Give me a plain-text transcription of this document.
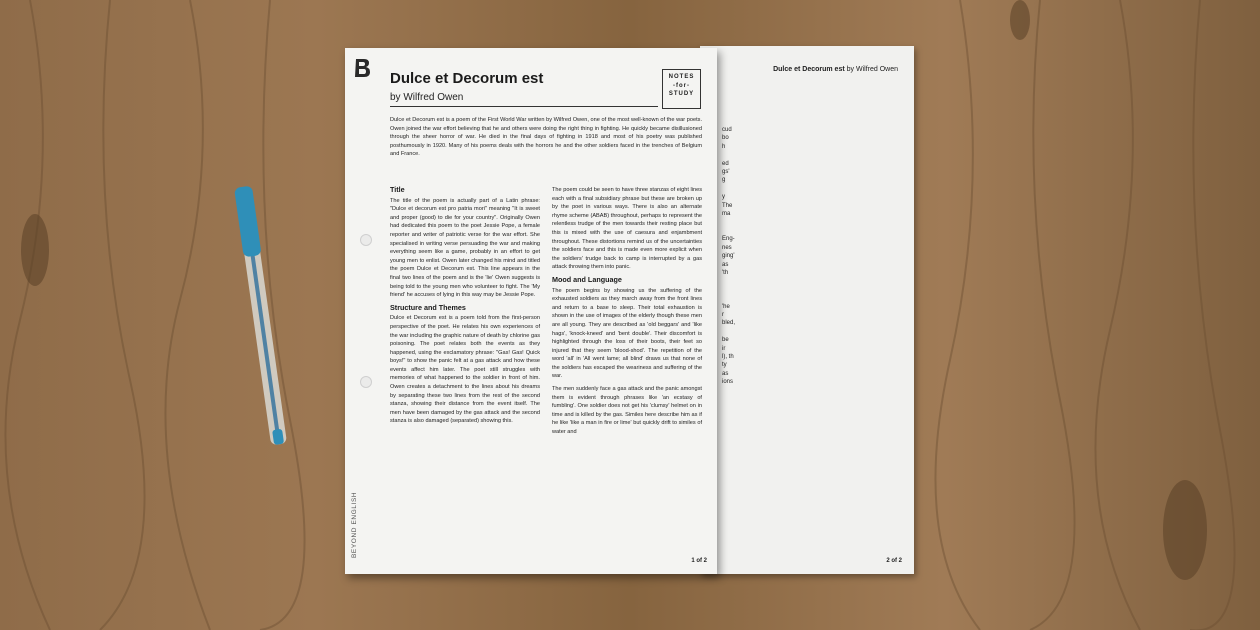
Dulce et Decorum est by Wilfred Owen
cud
bo
h

ed
gs'
g

y
The
ma

Eng-
nes
ging'
as
'th

'he
r
bled,

be
ir
l), th
ty
as
ions

2 of 2
BEYOND ENGLISH
Dulce et Decorum est
by Wilfred Owen
NOTES
-for-
STUDY
Dulce et Decorum est is a poem of the First World War written by Wilfred Owen, one of the most well-known of the war poets. Owen joined the war effort believing that he and others were doing the right thing in fighting. He quickly became disillusioned through the sheer horror of war. He died in the final days of fighting in 1918 and most of his poetry was published posthumously in 1920. Many of his poems deals with the horrors he and the other soldiers faced in the trenches of Belgium and France.
Title

The title of the poem is actually part of a Latin phrase: "Dulce et decorum est pro patria mori" meaning "It is sweet and proper (good) to die for your country". Originally Owen had dedicated this poem to the poet Jessie Pope, a female reporter and writer of patriotic verse for the war effort. She specialised in writing verse persuading the war and making everything seem like a game, probably in an effort to get young men to enlist. Owen later changed his mind and titled the poem Dulce et Decorum est. This line appears in the final two lines of the poem and is the 'lie' Owen suggests is being told to the young men who volunteer to fight. The 'My friend' he accuses of lying in this way may be Jessie Pope.

Structure and Themes

Dulce et Decorum est is a poem told from the first-person perspective of the poet. He relates his own experiences of the war including the graphic nature of death by chlorine gas poisoning. The poet relates both the events as they happened, using the exclamatory phrase: "Gas! Gas! Quick boys!" to show the panic felt at a gas attack and how these events affect him later. The poet still struggles with memories of what happened to the soldier in front of him. Owen creates a detachment to the lines about his dreams by separating these two lines from the rest of the second stanza, showing their distance from the event itself. The men have been damaged by the gas attack and the second stanza is also damaged (separated) showing this.

The poem could be seen to have three stanzas of eight lines each with a final subsidiary phrase but these are broken up by the poet in various ways. There is also an alternate rhyme scheme (ABAB) throughout, perhaps to represent the relentless trudge of the men towards their resting place but this is mixed with the use of caesura and enjambment throughout. These distortions remind us of the uncertainties the soldiers face and this is made even more explicit when the soldiers' trudge back to camp is interrupted by a gas attack throwing them into panic.

Mood and Language

The poem begins by showing us the suffering of the exhausted soldiers as they march away from the front lines and return to a base to sleep. Their total exhaustion is shown in the use of images of the elderly though these men are all young. They are described as 'old beggars' and 'like hags', 'knock-kneed' and 'bent double'. Their discomfort is highlighted through the loss of their boots, their feet so injured that they seem 'blood-shod'. The repetition of the word 'all' in 'All went lame; all blind' draws us that none of the soldiers has escaped the weariness and suffering of the war.

The men suddenly face a gas attack and the panic amongst them is evident through phrases like 'an ecstasy of fumbling'. One soldier does not get his 'clumsy' helmet on in time and is killed by the gas. Similes here describe him as if he like 'like a man in fire or lime' but quickly drift to similes of water and

1 of 2
